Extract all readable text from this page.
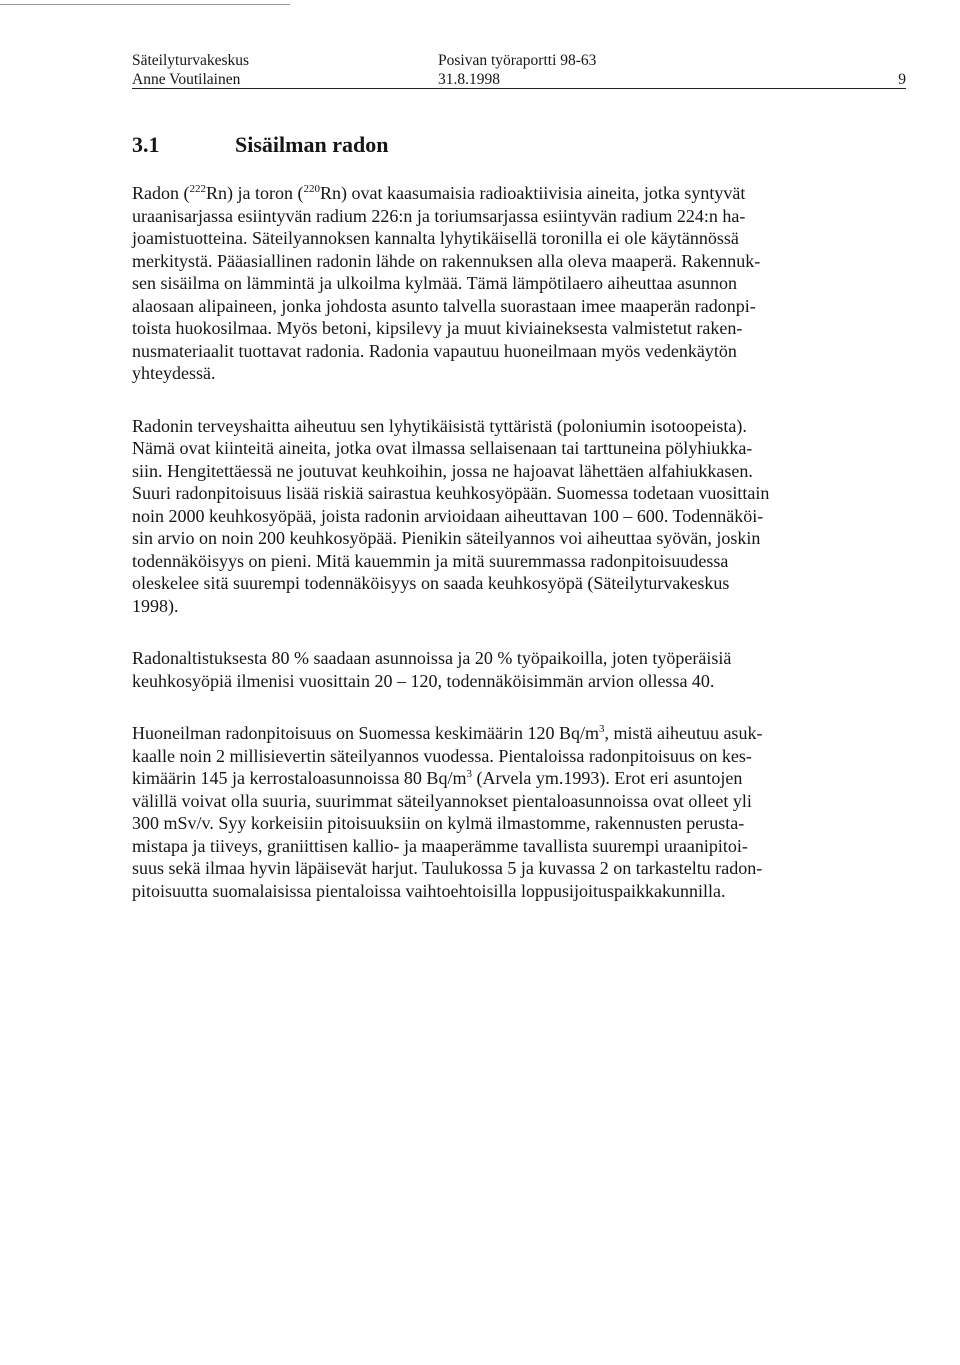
Säteilyturvakeskus	Posivan työraportti 98-63
Anne Voutilainen	31.8.1998	9
3.1	Sisäilman radon

Radon ($^{222}$Rn) ja toron ($^{220}$Rn) ovat kaasumaisia radioaktiivisia aineita, jotka syntyvät
uraanisarjassa esiintyvän radium 226:n ja toriumsarjassa esiintyvän radium 224:n ha-
joamistuotteina. Säteilyannoksen kannalta lyhytikäisellä toronilla ei ole käytännössä
merkitystä. Pääasiallinen radonin lähde on rakennuksen alla oleva maaperä. Rakennuk-
sen sisäilma on lämmintä ja ulkoilma kylmää. Tämä lämpötilaero aiheuttaa asunnon
alaosaan alipaineen, jonka johdosta asunto talvella suorastaan imee maaperän radonpi-
toista huokosilmaa. Myös betoni, kipsilevy ja muut kiviaineksesta valmistetut raken-
nusmateriaalit tuottavat radonia. Radonia vapautuu huoneilmaan myös vedenkäytön
yhteydessä.

Radonin terveyshaitta aiheutuu sen lyhytikäisistä tyttäristä (poloniumin isotoopeista).
Nämä ovat kiinteitä aineita, jotka ovat ilmassa sellaisenaan tai tarttuneina pölyhiukka-
siin. Hengitettäessä ne joutuvat keuhkoihin, jossa ne hajoavat lähettäen alfahiukkasen.
Suuri radonpitoisuus lisää riskiä sairastua keuhkosyöpään. Suomessa todetaan vuosittain
noin 2000 keuhkosyöpää, joista radonin arvioidaan aiheuttavan 100 – 600. Todennäköi-
sin arvio on noin 200 keuhkosyöpää. Pienikin säteilyannos voi aiheuttaa syövän, joskin
todennäköisyys on pieni. Mitä kauemmin ja mitä suuremmassa radonpitoisuudessa
oleskelee sitä suurempi todennäköisyys on saada keuhkosyöpä (Säteilyturvakeskus
1998).

Radonaltistuksesta 80 % saadaan asunnoissa ja 20 % työpaikoilla, joten työperäisiä
keuhkosyöpiä ilmenisi vuosittain 20 – 120, todennäköisimmän arvion ollessa 40.

Huoneilman radonpitoisuus on Suomessa keskimäärin 120 $Bq/m^3$, mistä aiheutuu asuk-
kaalle noin 2 millisievertin säteilyannos vuodessa. Pientaloissa radonpitoisuus on kes-
kimäärin 145 ja kerrostaloasunnoissa 80 $Bq/m^3$ (Arvela ym.1993). Erot eri asuntojen
välillä voivat olla suuria, suurimmat säteilyannokset pientaloasunnoissa ovat olleet yli
300 mSv/v. Syy korkeisiin pitoisuuksiin on kylmä ilmastomme, rakennusten perusta-
mistapa ja tiiveys, graniittisen kallio- ja maaperämme tavallista suurempi uraanipitoi-
suus sekä ilmaa hyvin läpäisevät harjut. Taulukossa 5 ja kuvassa 2 on tarkasteltu radon-
pitoisuutta suomalaisissa pientaloissa vaihtoehtoisilla loppusijoituspaikkakunnilla.
